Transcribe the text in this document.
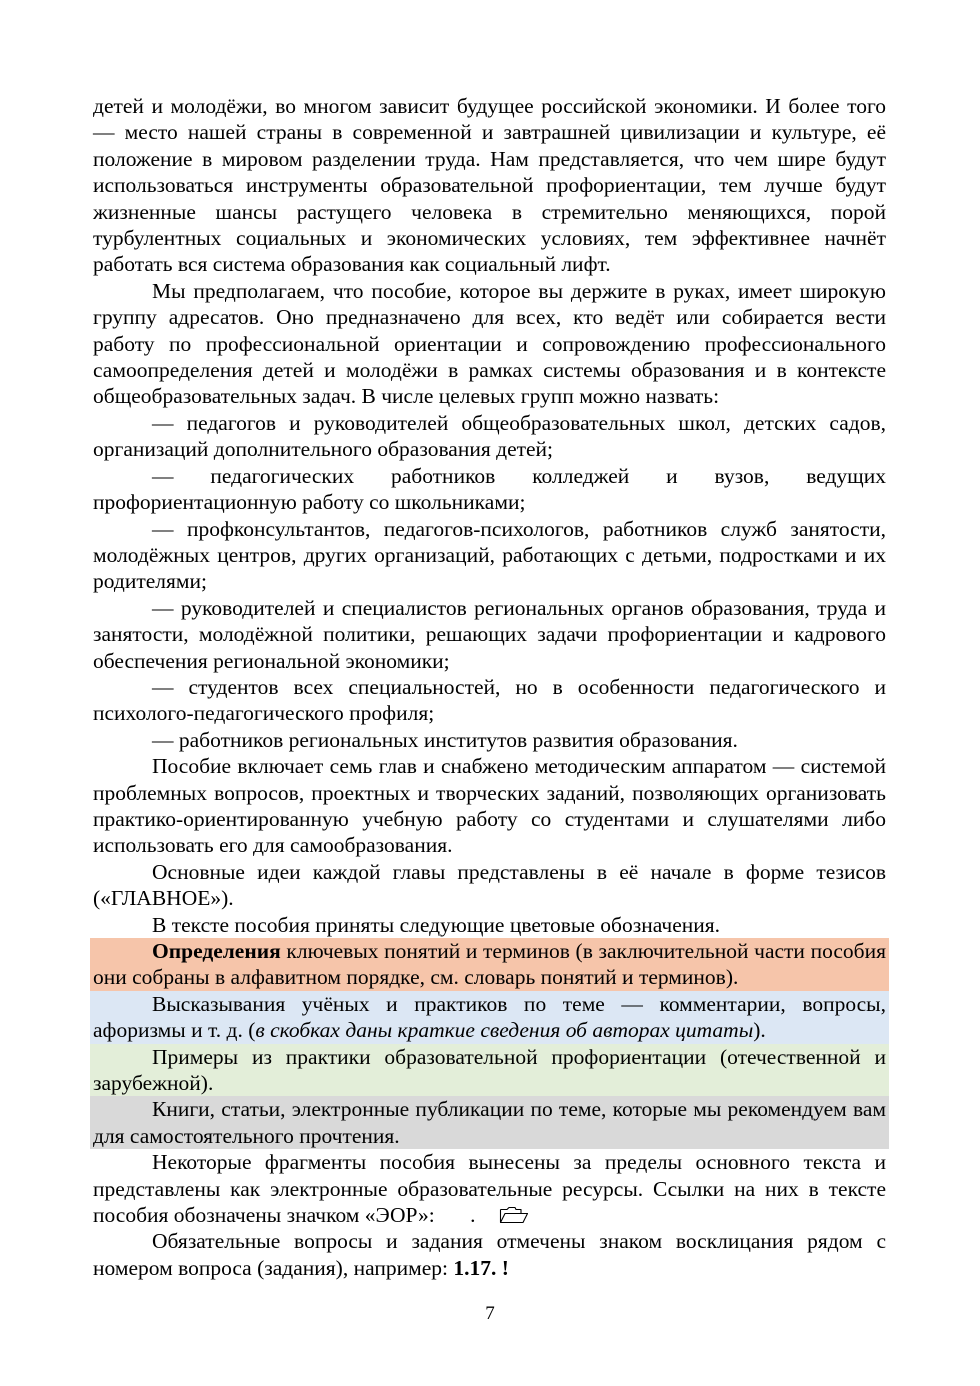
детей и молодёжи, во многом зависит будущее российской экономики. И более того — место нашей страны в современной и завтрашней цивилизации и культуре, её положение в мировом разделении труда. Нам представляется, что чем шире будут использоваться инструменты образовательной профориентации, тем лучше будут жизненные шансы растущего человека в стремительно меняющихся, порой турбулентных социальных и экономических условиях, тем эффективнее начнёт работать вся система образования как социальный лифт.

Мы предполагаем, что пособие, которое вы держите в руках, имеет широкую группу адресатов. Оно предназначено для всех, кто ведёт или собирается вести работу по профессиональной ориентации и сопровождению профессионального самоопределения детей и молодёжи в рамках системы образования и в контексте общеобразовательных задач. В числе целевых групп можно назвать:

— педагогов и руководителей общеобразовательных школ, детских садов, организаций дополнительного образования детей;

— педагогических работников колледжей и вузов, ведущих профориентационную работу со школьниками;

— профконсультантов, педагогов-психологов, работников служб занятости, молодёжных центров, других организаций, работающих с детьми, подростками и их родителями;

— руководителей и специалистов региональных органов образования, труда и занятости, молодёжной политики, решающих задачи профориентации и кадрового обеспечения региональной экономики;

— студентов всех специальностей, но в особенности педагогического и психолого-педагогического профиля;

— работников региональных институтов развития образования.

Пособие включает семь глав и снабжено методическим аппаратом — системой проблемных вопросов, проектных и творческих заданий, позволяющих организовать практико-ориентированную учебную работу со студентами и слушателями либо использовать его для самообразования.

Основные идеи каждой главы представлены в её начале в форме тезисов («ГЛАВНОЕ»).

В тексте пособия приняты следующие цветовые обозначения.

Определения ключевых понятий и терминов (в заключительной части пособия они собраны в алфавитном порядке, см. словарь понятий и терминов).

Высказывания учёных и практиков по теме — комментарии, вопросы, афоризмы и т. д. (в скобках даны краткие сведения об авторах цитаты).

Примеры из практики образовательной профориентации (отечественной и зарубежной).

Книги, статьи, электронные публикации по теме, которые мы рекомендуем вам для самостоятельного прочтения.

Некоторые фрагменты пособия вынесены за пределы основного текста и представлены как электронные образовательные ресурсы. Ссылки на них в тексте пособия обозначены значком «ЭОР»: .

Обязательные вопросы и задания отмечены знаком восклицания рядом с номером вопроса (задания), например: 1.17. !

7
